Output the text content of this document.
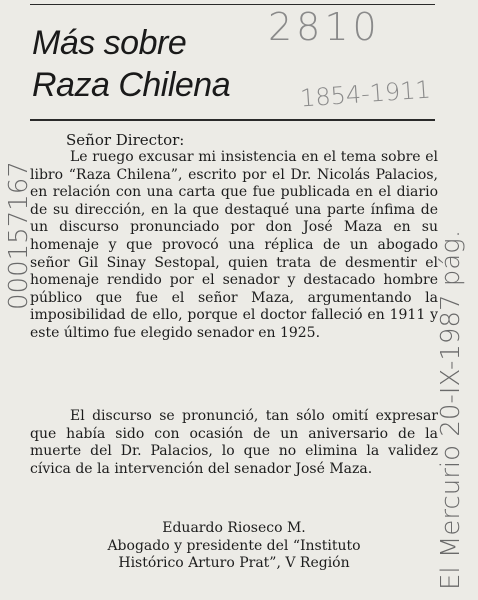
Más sobre
Raza Chilena
2810
1854-1911
El Mercurio 20-IX-1987 pág.
000157167
Señor Director:
Le ruego excusar mi insistencia en el tema sobre el libro “Raza Chilena”, escrito por el Dr. Nicolás Palacios, en relación con una carta que fue publicada en el diario de su dirección, en la que destaqué una parte ínfima de un discurso pronunciado por don José Maza en su homenaje y que provocó una réplica de un abogado señor Gil Sinay Sestopal, quien trata de desmentir el homenaje rendido por el senador y destacado hombre público que fue el señor Maza, argumentando la imposibilidad de ello, porque el doctor falleció en 1911 y este último fue elegido senador en 1925.
El discurso se pronunció, tan sólo omití expresar que había sido con ocasión de un aniversario de la muerte del Dr. Palacios, lo que no elimina la validez cívica de la intervención del senador José Maza.
Eduardo Rioseco M.
Abogado y presidente del “Instituto
Histórico Arturo Prat”, V Región
